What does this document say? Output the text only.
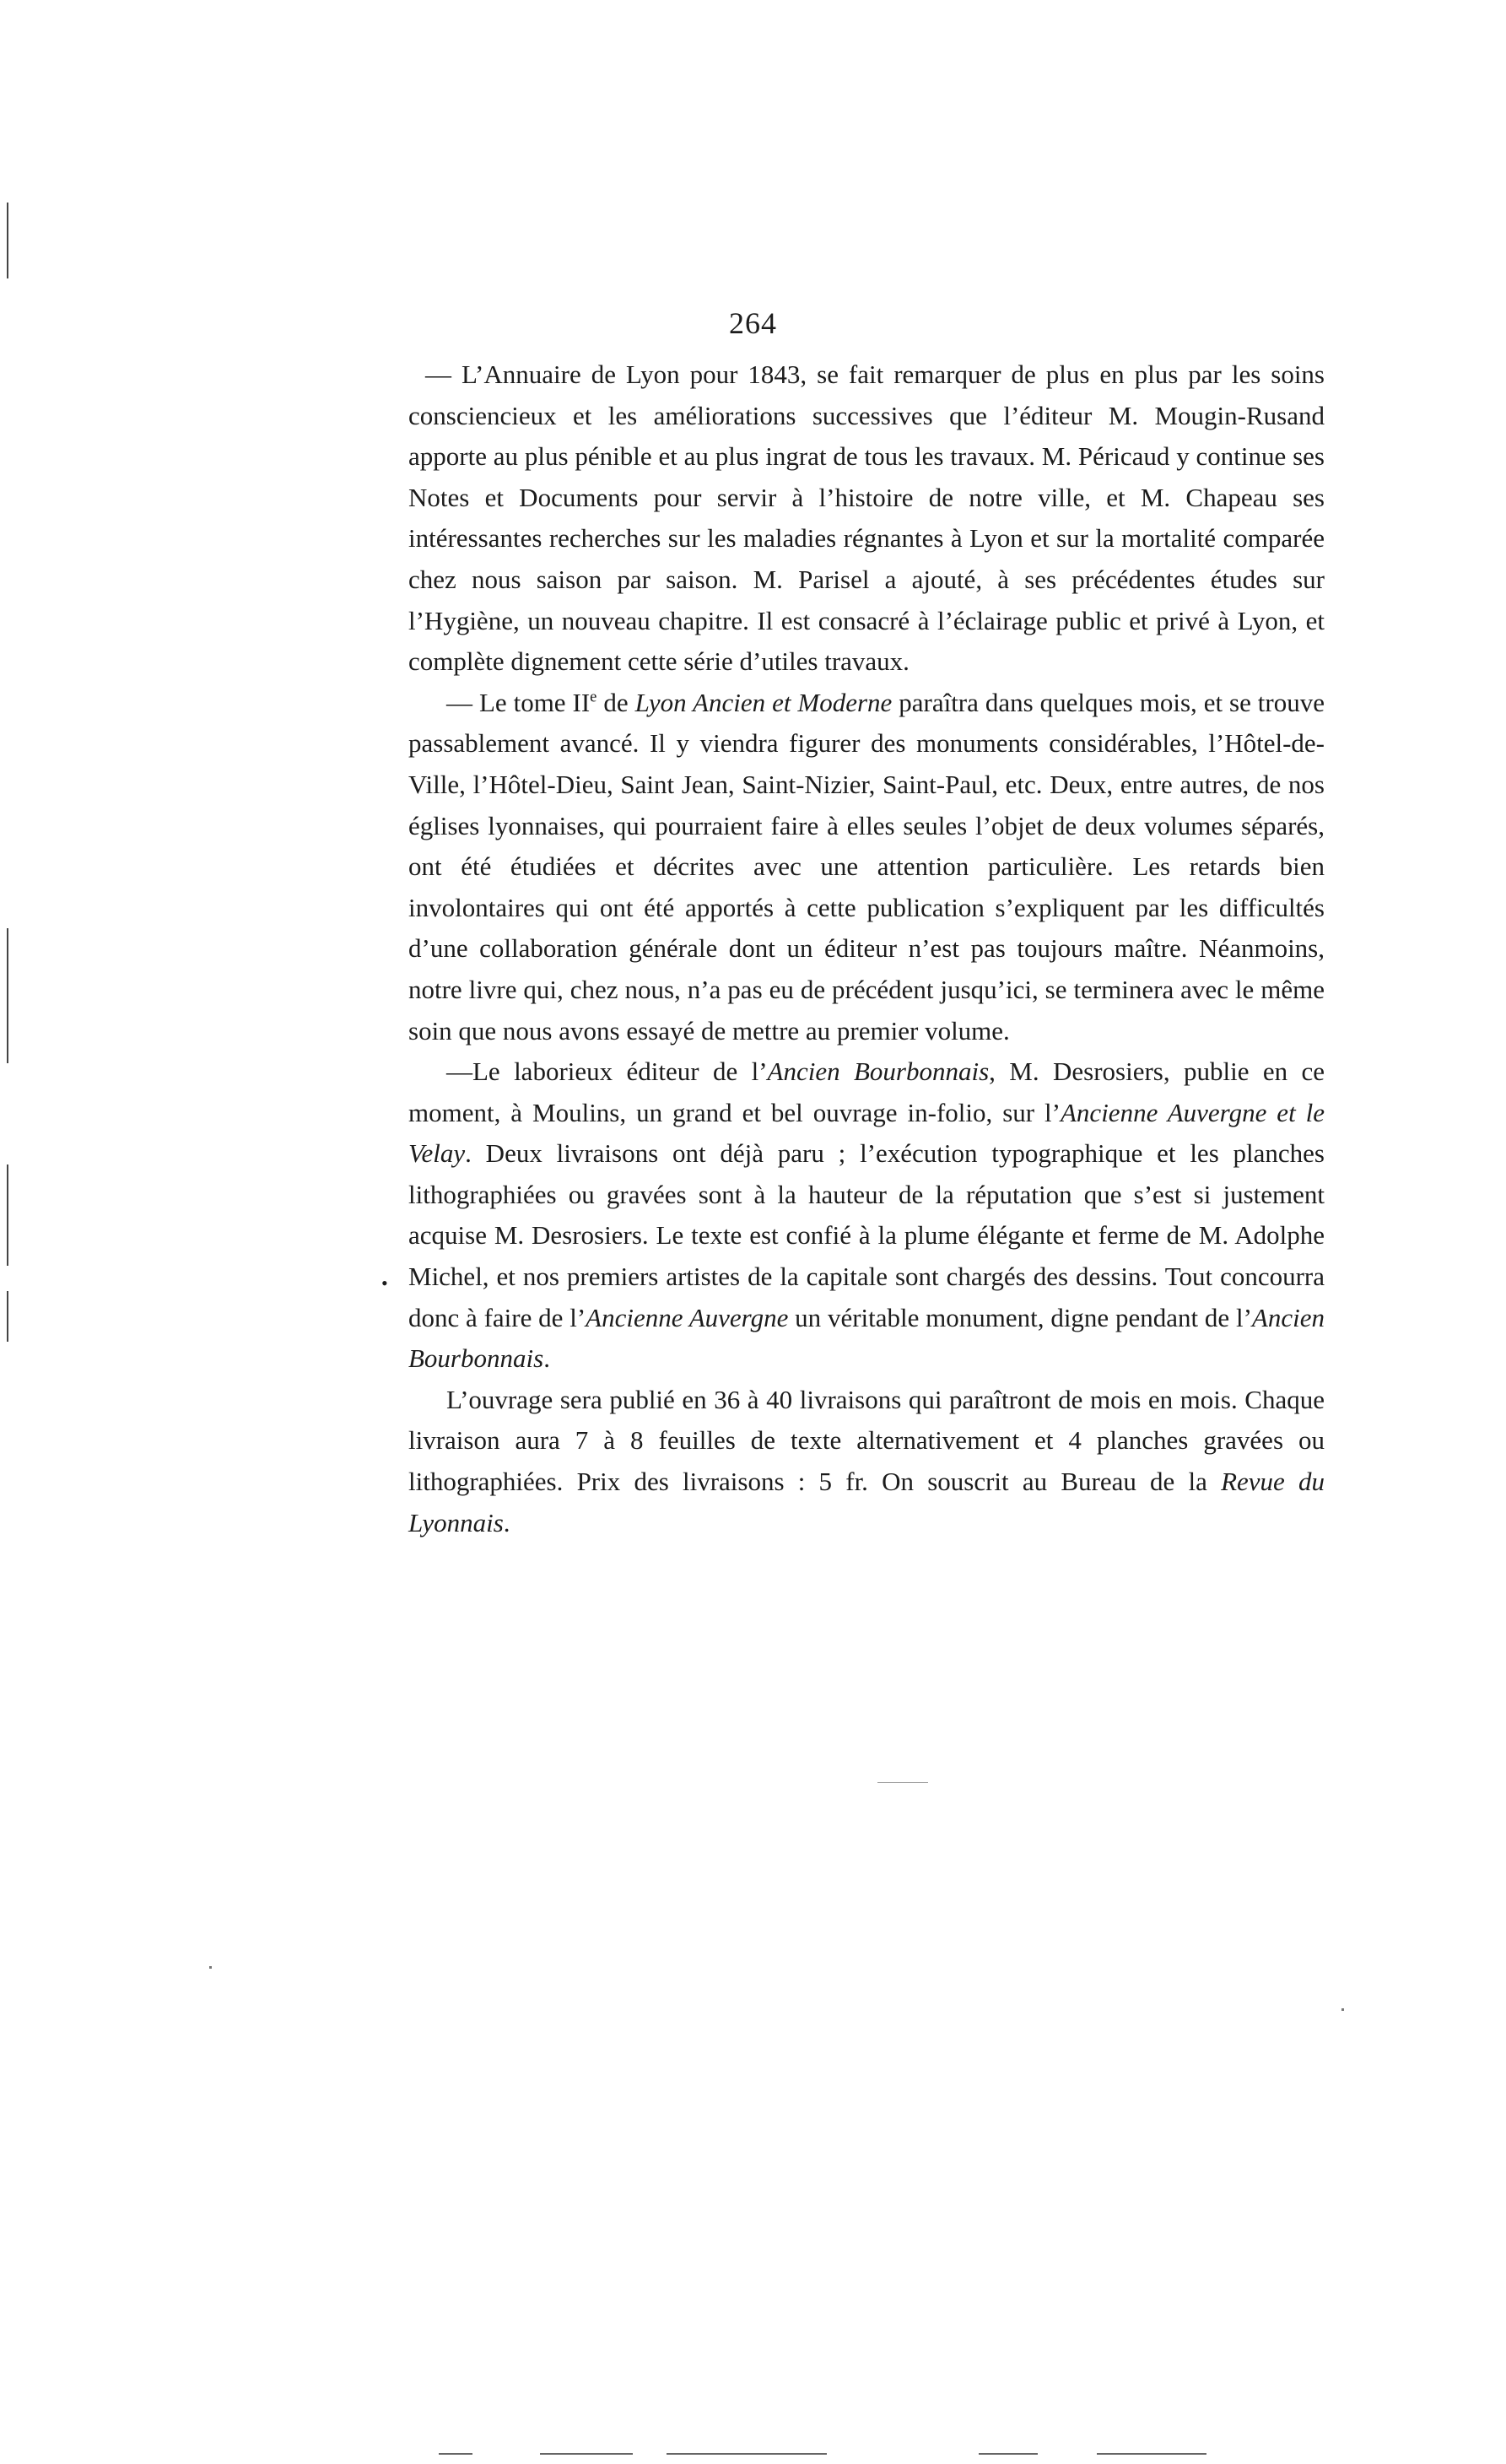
264
•

— L’Annuaire de Lyon pour 1843, se fait remarquer de plus en plus par les soins consciencieux et les améliorations successives que l’éditeur M. Mougin-Rusand apporte au plus pénible et au plus ingrat de tous les travaux. M. Péricaud y continue ses Notes et Documents pour servir à l’histoire de notre ville, et M. Chapeau ses intéressantes recherches sur les maladies régnantes à Lyon et sur la mortalité comparée chez nous saison par saison. M. Parisel a ajouté, à ses précédentes études sur l’Hygiène, un nouveau chapitre. Il est consacré à l’éclairage public et privé à Lyon, et complète dignement cette série d’utiles travaux.

— Le tome IIe de Lyon Ancien et Moderne paraîtra dans quelques mois, et se trouve passablement avancé. Il y viendra figurer des monuments considérables, l’Hôtel-de-Ville, l’Hôtel-Dieu, Saint Jean, Saint-Nizier, Saint-Paul, etc. Deux, entre autres, de nos églises lyonnaises, qui pourraient faire à elles seules l’objet de deux volumes séparés, ont été étudiées et décrites avec une attention particulière. Les retards bien involontaires qui ont été apportés à cette publication s’expliquent par les difficultés d’une collaboration générale dont un éditeur n’est pas toujours maître. Néanmoins, notre livre qui, chez nous, n’a pas eu de précédent jusqu’ici, se terminera avec le même soin que nous avons essayé de mettre au premier volume.

—Le laborieux éditeur de l’Ancien Bourbonnais, M. Desrosiers, publie en ce moment, à Moulins, un grand et bel ouvrage in-folio, sur l’Ancienne Auvergne et le Velay. Deux livraisons ont déjà paru ; l’exécution typographique et les planches lithographiées ou gravées sont à la hauteur de la réputation que s’est si justement acquise M. Desrosiers. Le texte est confié à la plume élégante et ferme de M. Adolphe Michel, et nos premiers artistes de la capitale sont chargés des dessins. Tout concourra donc à faire de l’Ancienne Auvergne un véritable monument, digne pendant de l’Ancien Bourbonnais.

L’ouvrage sera publié en 36 à 40 livraisons qui paraîtront de mois en mois. Chaque livraison aura 7 à 8 feuilles de texte alternativement et 4 planches gravées ou lithographiées. Prix des livraisons : 5 fr. On souscrit au Bureau de la Revue du Lyonnais.
